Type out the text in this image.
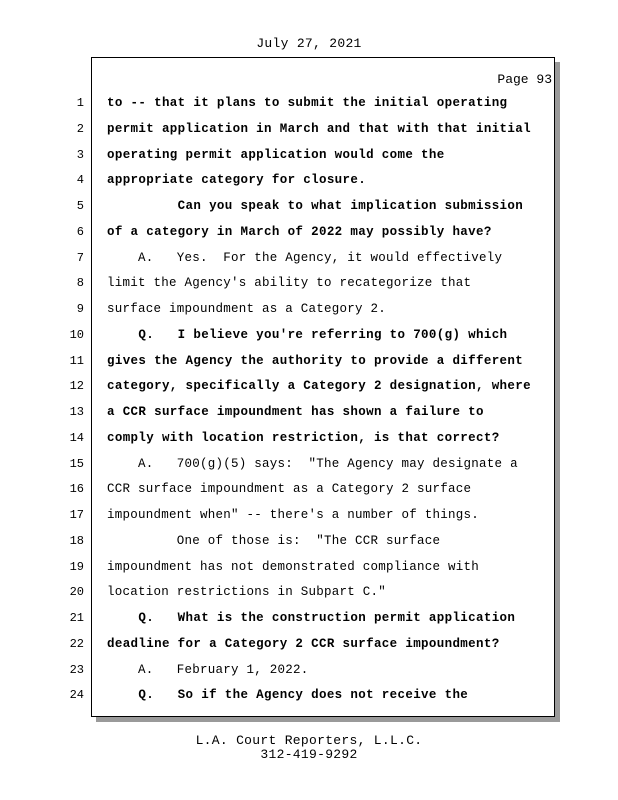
July 27, 2021
Page 93
1 to -- that it plans to submit the initial operating
2 permit application in March and that with that initial
3 operating permit application would come the
4 appropriate category for closure.
5 Can you speak to what implication submission
6 of a category in March of 2022 may possibly have?
7 A.   Yes.  For the Agency, it would effectively
8 limit the Agency's ability to recategorize that
9 surface impoundment as a Category 2.
10 Q.   I believe you're referring to 700(g) which
11 gives the Agency the authority to provide a different
12 category, specifically a Category 2 designation, where
13 a CCR surface impoundment has shown a failure to
14 comply with location restriction, is that correct?
15 A.   700(g)(5) says:  "The Agency may designate a
16 CCR surface impoundment as a Category 2 surface
17 impoundment when" -- there's a number of things.
18 One of those is:  "The CCR surface
19 impoundment has not demonstrated compliance with
20 location restrictions in Subpart C."
21 Q.   What is the construction permit application
22 deadline for a Category 2 CCR surface impoundment?
23 A.   February 1, 2022.
24 Q.   So if the Agency does not receive the
L.A. Court Reporters, L.L.C.
312-419-9292
